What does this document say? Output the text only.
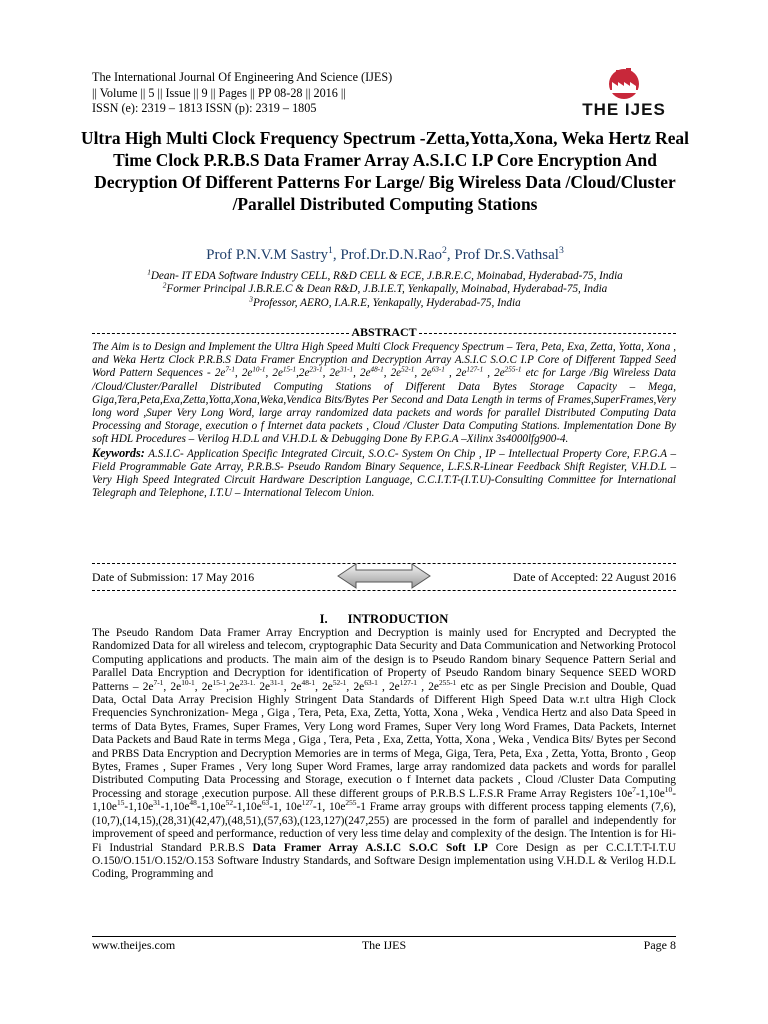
The International Journal Of Engineering And Science (IJES)
|| Volume || 5 || Issue || 9 || Pages || PP 08-28 || 2016 ||
ISSN (e): 2319 – 1813 ISSN (p): 2319 – 1805	THE IJES
Ultra High Multi Clock Frequency Spectrum -Zetta,Yotta,Xona, Weka Hertz Real Time Clock P.R.B.S Data Framer Array A.S.I.C I.P Core Encryption And Decryption Of Different Patterns For Large/ Big Wireless Data /Cloud/Cluster /Parallel Distributed Computing Stations
Prof P.N.V.M Sastry$^1$, Prof.Dr.D.N.Rao$^2$, Prof Dr.S.Vathsal$^3$
$^1$Dean- IT EDA Software Industry CELL, R&D CELL & ECE, J.B.R.E.C, Moinabad, Hyderabad-75, India
$^2$Former Principal J.B.R.E.C & Dean R&D, J.B.I.E.T, Yenkapally, Moinabad, Hyderabad-75, India
$^3$Professor, AERO, I.A.R.E, Yenkapally, Hyderabad-75, India
ABSTRACT

The Aim is to Design and Implement the Ultra High Speed Multi Clock Frequency Spectrum – Tera, Peta, Exa, Zetta, Yotta, Xona , and Weka Hertz Clock P.R.B.S Data Framer Encryption and Decryption Array A.S.I.C S.O.C I.P Core of Different Tapped Seed Word Pattern Sequences - $2e^{7-1}$, $2e^{10-1}$, $2e^{15-1},2e^{23-1}$, $2e^{31-1}$, $2e^{48-1}$, $2e^{52-1}$, $2e^{63-1}$ , $2e^{127-1}$ , $2e^{255-1}$ etc for Large /Big Wireless Data /Cloud/Cluster/Parallel Distributed Computing Stations of Different Data Bytes Storage Capacity – Mega, Giga,Tera,Peta,Exa,Zetta,Yotta,Xona,Weka,Vendica Bits/Bytes Per Second and Data Length in terms of Frames,SuperFrames,Very long word ,Super Very Long Word, large array randomized data packets and words for parallel Distributed Computing Data Processing and Storage, execution o f Internet data packets , Cloud /Cluster Data Computing Stations. Implementation Done By soft HDL Procedures – Verilog H.D.L and V.H.D.L & Debugging Done By F.P.G.A –Xilinx 3s4000lfg900-4.

Keywords: A.S.I.C- Application Specific Integrated Circuit, S.O.C- System On Chip , IP – Intellectual Property Core, F.P.G.A – Field Programmable Gate Array, P.R.B.S- Pseudo Random Binary Sequence, L.F.S.R-Linear Feedback Shift Register, V.H.D.L –Very High Speed Integrated Circuit Hardware Description Language, C.C.I.T.T-(I.T.U)-Consulting Committee for International Telegraph and Telephone, I.T.U – International Telecom Union.

Date of Submission: 17 May 2016	Date of Accepted: 22 August 2016
I. INTRODUCTION

The Pseudo Random Data Framer Array Encryption and Decryption is mainly used for Encrypted and Decrypted the Randomized Data for all wireless and telecom, cryptographic Data Security and Data Communication and Networking Protocol Computing applications and products. The main aim of the design is to Pseudo Random binary Sequence Pattern Serial and Parallel Data Encryption and Decryption for identification of Property of Pseudo Random binary Sequence SEED WORD Patterns – $2e^{7-1}$, $2e^{10-1}$, $2e^{15-1},2e^{23-1.}$ $2e^{31-1}$, $2e^{48-1}$, $2e^{52-1}$, $2e^{63-1}$ , $2e^{127-1}$ , $2e^{255-1}$ etc as per Single Precision and Double, Quad Data, Octal Data Array Precision Highly Stringent Data Standards of Different High Speed Data w.r.t ultra High Clock Frequencies Synchronization- Mega , Giga , Tera, Peta, Exa, Zetta, Yotta, Xona , Weka , Vendica Hertz and also Data Speed in terms of Data Bytes, Frames, Super Frames, Very Long word Frames, Super Very long Word Frames, Data Packets, Internet Data Packets and Baud Rate in terms Mega , Giga , Tera, Peta , Exa, Zetta, Yotta, Xona , Weka , Vendica Bits/ Bytes per Second and PRBS Data Encryption and Decryption Memories are in terms of Mega, Giga, Tera, Peta, Exa , Zetta, Yotta, Bronto , Geop Bytes, Frames , Super Frames , Very long Super Word Frames, large array randomized data packets and words for parallel Distributed Computing Data Processing and Storage, execution o f Internet data packets , Cloud /Cluster Data Computing Processing and storage ,execution purpose. All these different groups of P.R.B.S L.F.S.R Frame Array Registers $10e^7-1,10e^{10}-1,10e^{15}-1,10e^{31}-1,10e^{48}-1,10e^{52}-1,10e^{63}-1$, $10e^{127}-1$, $10e^{255}-1$ Frame array groups with different process tapping elements (7,6),(10,7),(14,15),(28,31)(42,47),(48,51),(57,63),(123,127)(247,255) are processed in the form of parallel and independently for improvement of speed and performance, reduction of very less time delay and complexity of the design. The Intention is for Hi-Fi Industrial Standard P.R.B.S Data Framer Array A.S.I.C S.O.C Soft I.P Core Design as per C.C.I.T.T-I.T.U O.150/O.151/O.152/O.153 Software Industry Standards, and Software Design implementation using V.H.D.L & Verilog H.D.L Coding, Programming and

www.theijes.com	The IJES	Page 8
